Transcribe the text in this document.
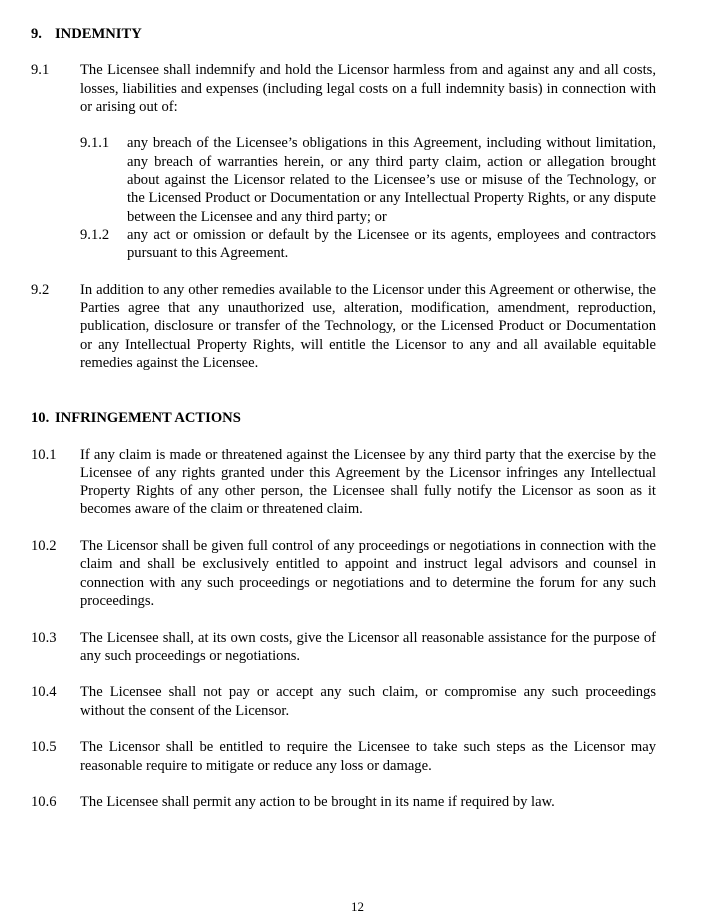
9. INDEMNITY
9.1 The Licensee shall indemnify and hold the Licensor harmless from and against any and all costs, losses, liabilities and expenses (including legal costs on a full indemnity basis) in connection with or arising out of:

9.1.1 any breach of the Licensee’s obligations in this Agreement, including without limitation, any breach of warranties herein, or any third party claim, action or allegation brought about against the Licensor related to the Licensee’s use or misuse of the Technology, or the Licensed Product or Documentation or any Intellectual Property Rights, or any dispute between the Licensee and any third party; or

9.1.2 any act or omission or default by the Licensee or its agents, employees and contractors pursuant to this Agreement.

9.2 In addition to any other remedies available to the Licensor under this Agreement or otherwise, the Parties agree that any unauthorized use, alteration, modification, amendment, reproduction, publication, disclosure or transfer of the Technology, or the Licensed Product or Documentation or any Intellectual Property Rights, will entitle the Licensor to any and all available equitable remedies against the Licensee.

10. INFRINGEMENT ACTIONS
10.1 If any claim is made or threatened against the Licensee by any third party that the exercise by the Licensee of any rights granted under this Agreement by the Licensor infringes any Intellectual Property Rights of any other person, the Licensee shall fully notify the Licensor as soon as it becomes aware of the claim or threatened claim.

10.2 The Licensor shall be given full control of any proceedings or negotiations in connection with the claim and shall be exclusively entitled to appoint and instruct legal advisors and counsel in connection with any such proceedings or negotiations and to determine the forum for any such proceedings.

10.3 The Licensee shall, at its own costs, give the Licensor all reasonable assistance for the purpose of any such proceedings or negotiations.

10.4 The Licensee shall not pay or accept any such claim, or compromise any such proceedings without the consent of the Licensor.

10.5 The Licensor shall be entitled to require the Licensee to take such steps as the Licensor may reasonable require to mitigate or reduce any loss or damage.

10.6 The Licensee shall permit any action to be brought in its name if required by law.

12
